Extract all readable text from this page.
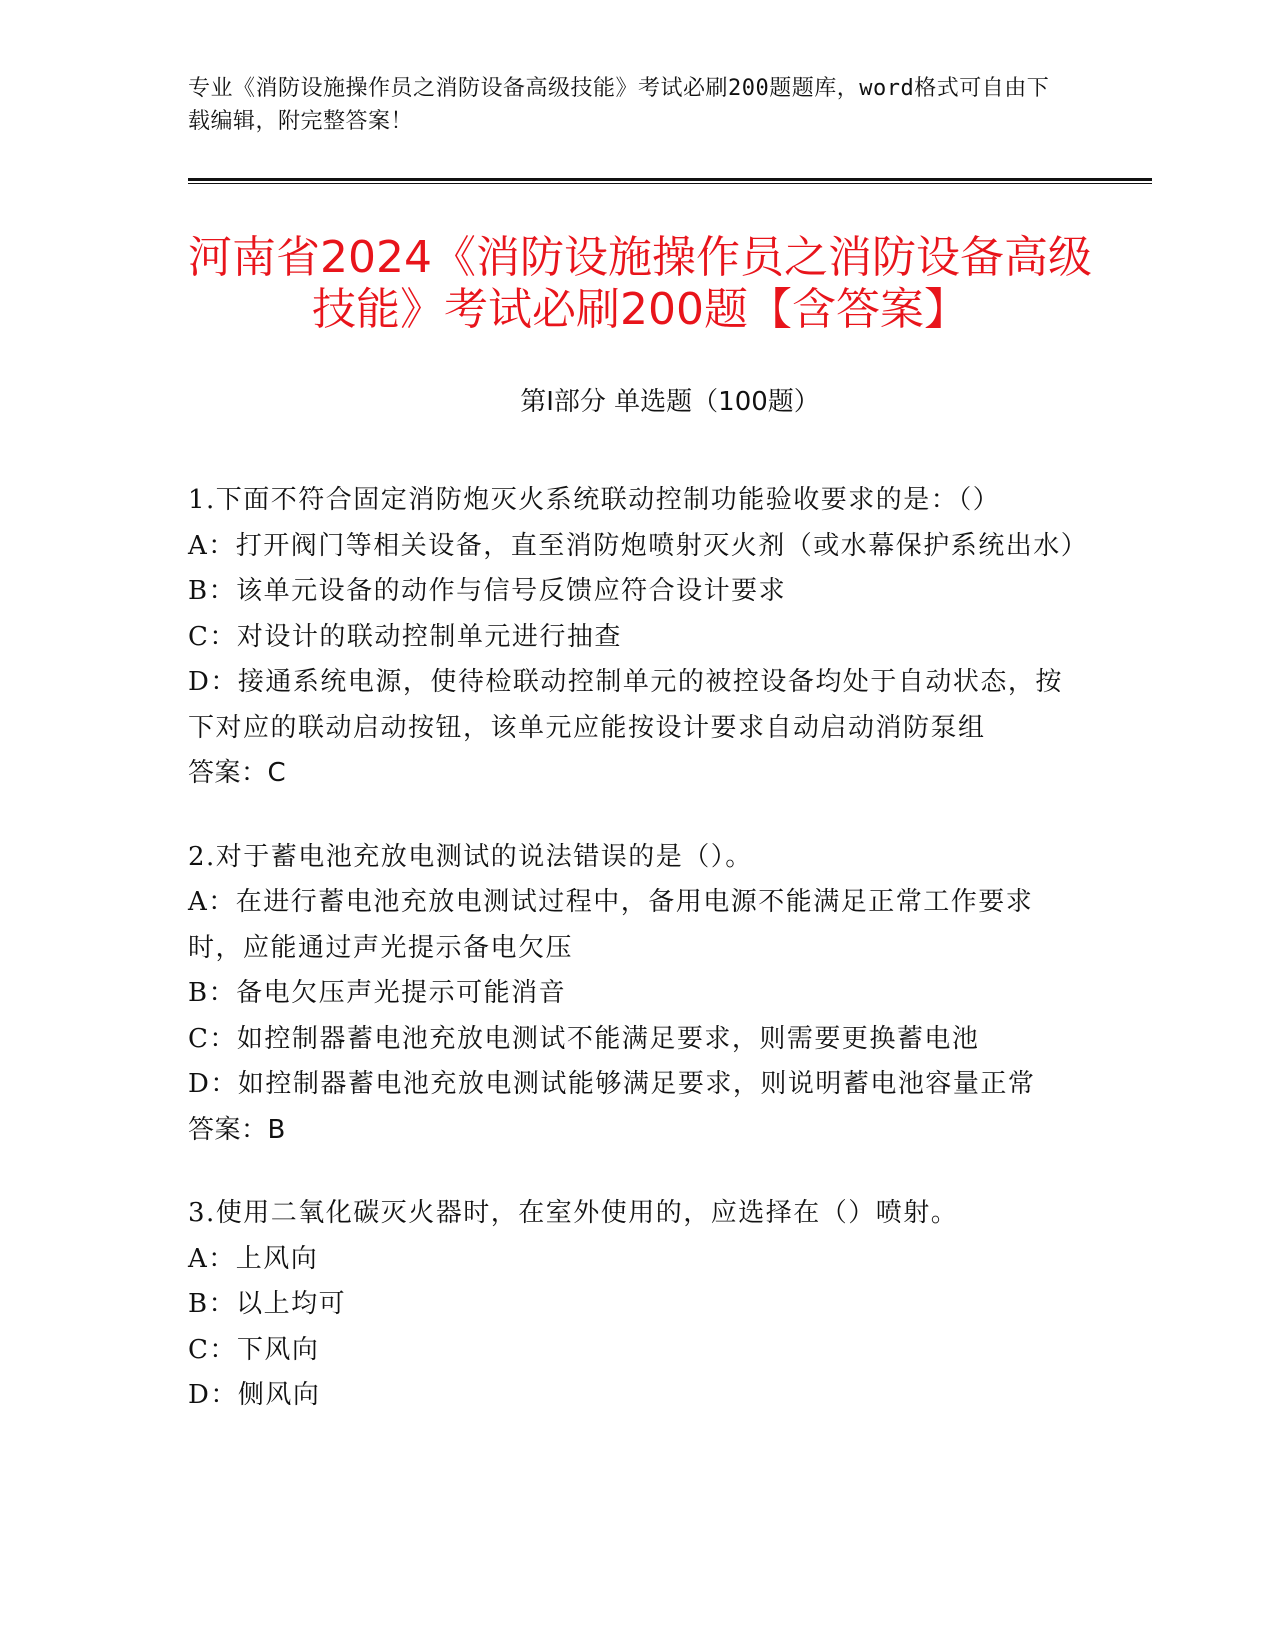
专业《消防设施操作员之消防设备高级技能》考试必刷200题题库，word格式可自由下载编辑，附完整答案！
河南省2024《消防设施操作员之消防设备高级技能》考试必刷200题【含答案】
第Ⅰ部分 单选题（100题）
1.下面不符合固定消防炮灭火系统联动控制功能验收要求的是：（）
A：打开阀门等相关设备，直至消防炮喷射灭火剂（或水幕保护系统出水）
B：该单元设备的动作与信号反馈应符合设计要求
C：对设计的联动控制单元进行抽查
D：接通系统电源，使待检联动控制单元的被控设备均处于自动状态，按下对应的联动启动按钮，该单元应能按设计要求自动启动消防泵组
答案：C
2.对于蓄电池充放电测试的说法错误的是（）。
A：在进行蓄电池充放电测试过程中，备用电源不能满足正常工作要求时，应能通过声光提示备电欠压
B：备电欠压声光提示可能消音
C：如控制器蓄电池充放电测试不能满足要求，则需要更换蓄电池
D：如控制器蓄电池充放电测试能够满足要求，则说明蓄电池容量正常
答案：B
3.使用二氧化碳灭火器时，在室外使用的，应选择在（）喷射。
A：上风向
B：以上均可
C：下风向
D：侧风向
